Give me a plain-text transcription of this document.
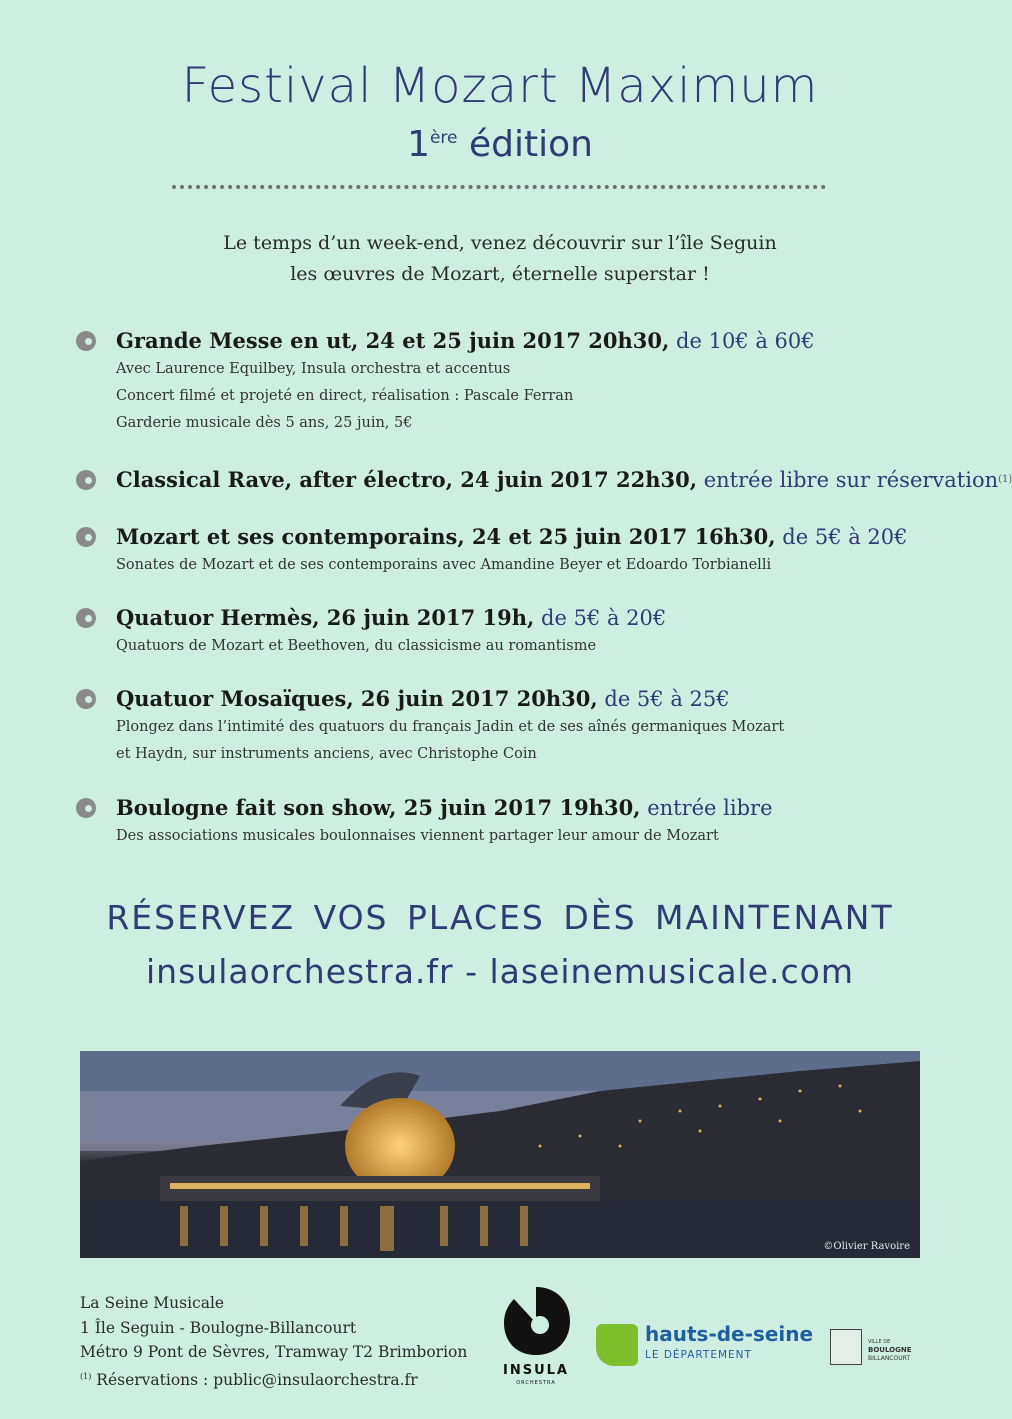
Festival Mozart Maximum
1ère édition
Le temps d’un week-end, venez découvrir sur l’île Seguin
les œuvres de Mozart, éternelle superstar !
Grande Messe en ut, 24 et 25 juin 2017 20h30, de 10€ à 60€
Avec Laurence Equilbey, Insula orchestra et accentus
Concert filmé et projeté en direct, réalisation : Pascale Ferran
Garderie musicale dès 5 ans, 25 juin, 5€
Classical Rave, after électro, 24 juin 2017 22h30, entrée libre sur réservation$^{(1)}$
Mozart et ses contemporains, 24 et 25 juin 2017 16h30, de 5€ à 20€
Sonates de Mozart et de ses contemporains avec Amandine Beyer et Edoardo Torbianelli
Quatuor Hermès, 26 juin 2017 19h, de 5€ à 20€
Quatuors de Mozart et Beethoven, du classicisme au romantisme
Quatuor Mosaïques, 26 juin 2017 20h30, de 5€ à 25€
Plongez dans l’intimité des quatuors du français Jadin et de ses aînés germaniques Mozart
et Haydn, sur instruments anciens, avec Christophe Coin
Boulogne fait son show, 25 juin 2017 19h30, entrée libre
Des associations musicales boulonnaises viennent partager leur amour de Mozart
RÉSERVEZ VOS PLACES DÈS MAINTENANT
insulaorchestra.fr - laseinemusicale.com
©Olivier Ravoire
La Seine Musicale
1 Île Seguin - Boulogne-Billancourt
Métro 9 Pont de Sèvres, Tramway T2 Brimborion
$^{(1)}$ Réservations : public@insulaorchestra.fr
INSULA
ORCHESTRA
hauts-de-seine
LE DÉPARTEMENT
VILLE DE
BOULOGNE
BILLANCOURT
